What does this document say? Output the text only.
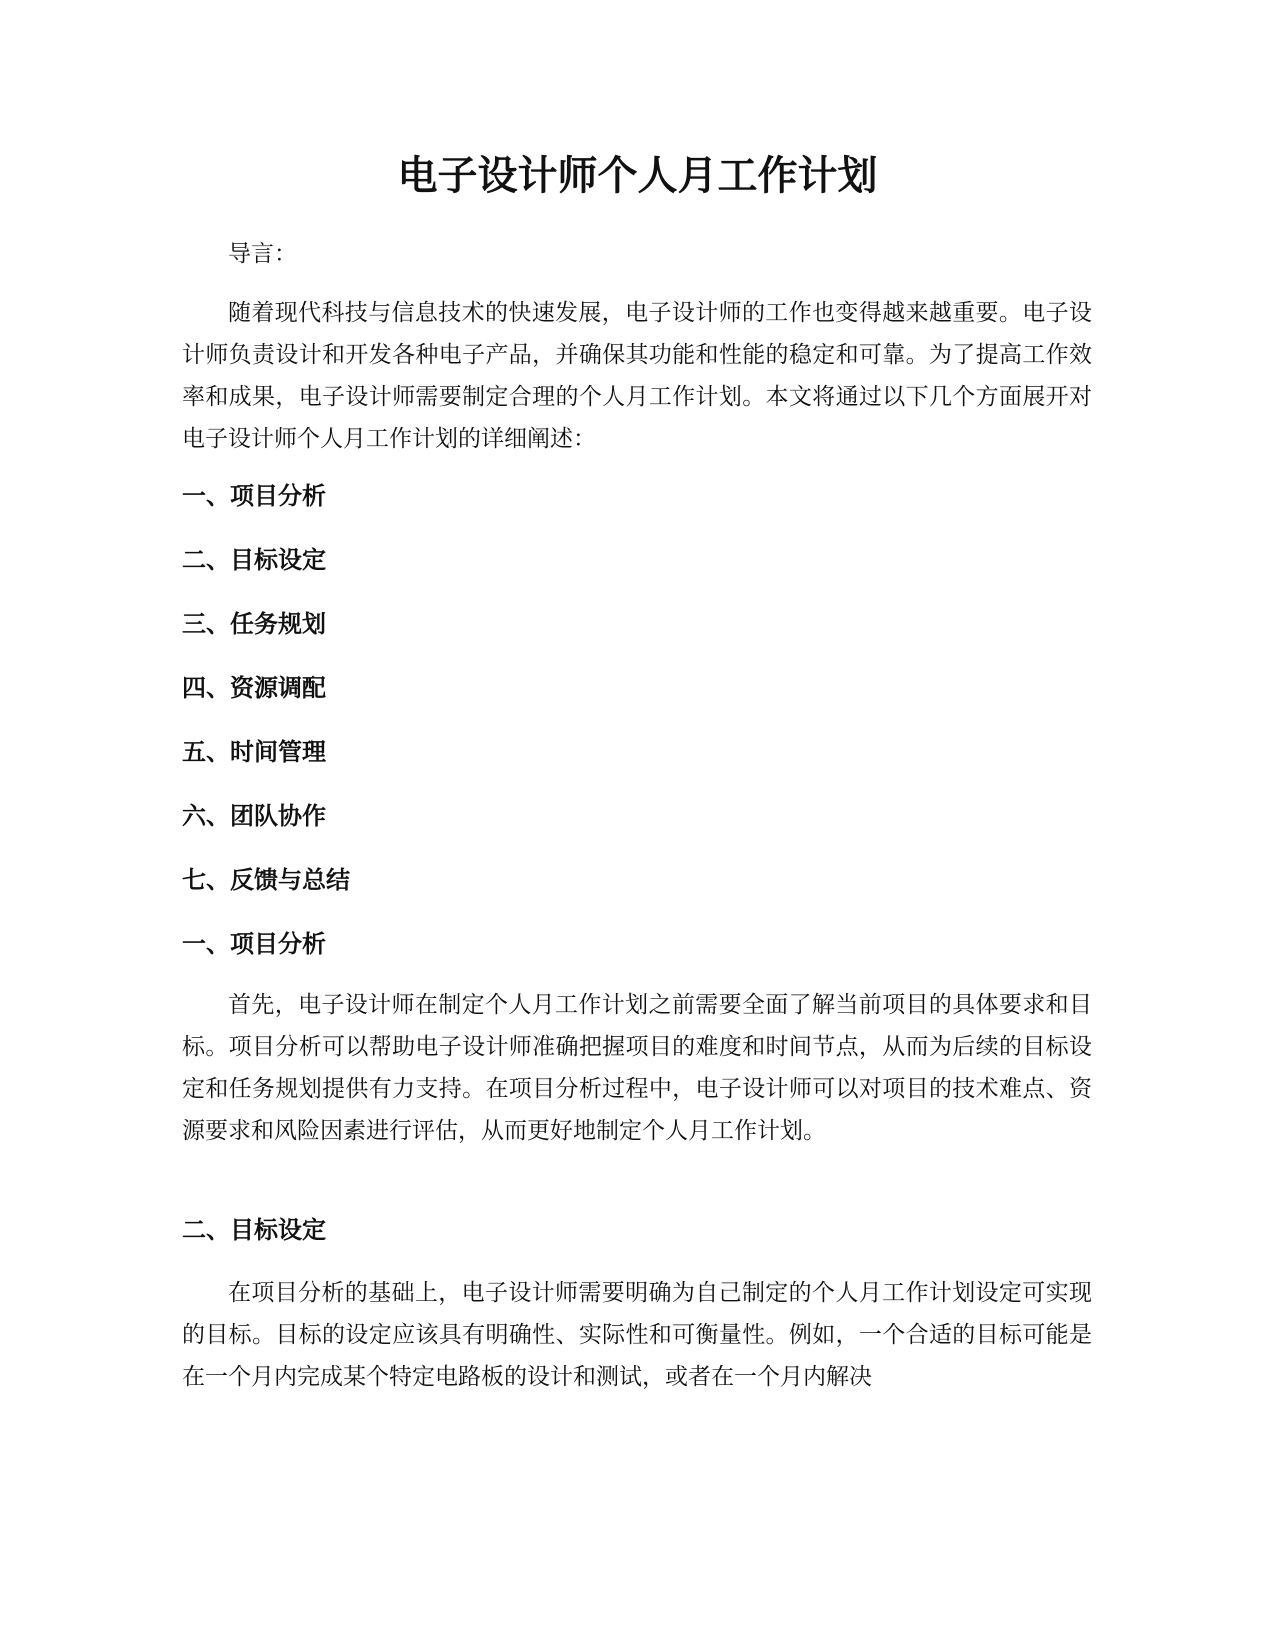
电子设计师个人月工作计划

导言：

随着现代科技与信息技术的快速发展，电子设计师的工作也变得越来越重要。电子设计师负责设计和开发各种电子产品，并确保其功能和性能的稳定和可靠。为了提高工作效率和成果，电子设计师需要制定合理的个人月工作计划。本文将通过以下几个方面展开对电子设计师个人月工作计划的详细阐述：

一、项目分析
二、目标设定
三、任务规划
四、资源调配
五、时间管理
六、团队协作
七、反馈与总结
一、项目分析

首先，电子设计师在制定个人月工作计划之前需要全面了解当前项目的具体要求和目标。项目分析可以帮助电子设计师准确把握项目的难度和时间节点，从而为后续的目标设定和任务规划提供有力支持。在项目分析过程中，电子设计师可以对项目的技术难点、资源要求和风险因素进行评估，从而更好地制定个人月工作计划。

二、目标设定

在项目分析的基础上，电子设计师需要明确为自己制定的个人月工作计划设定可实现的目标。目标的设定应该具有明确性、实际性和可衡量性。例如，一个合适的目标可能是在一个月内完成某个特定电路板的设计和测试，或者在一个月内解决
